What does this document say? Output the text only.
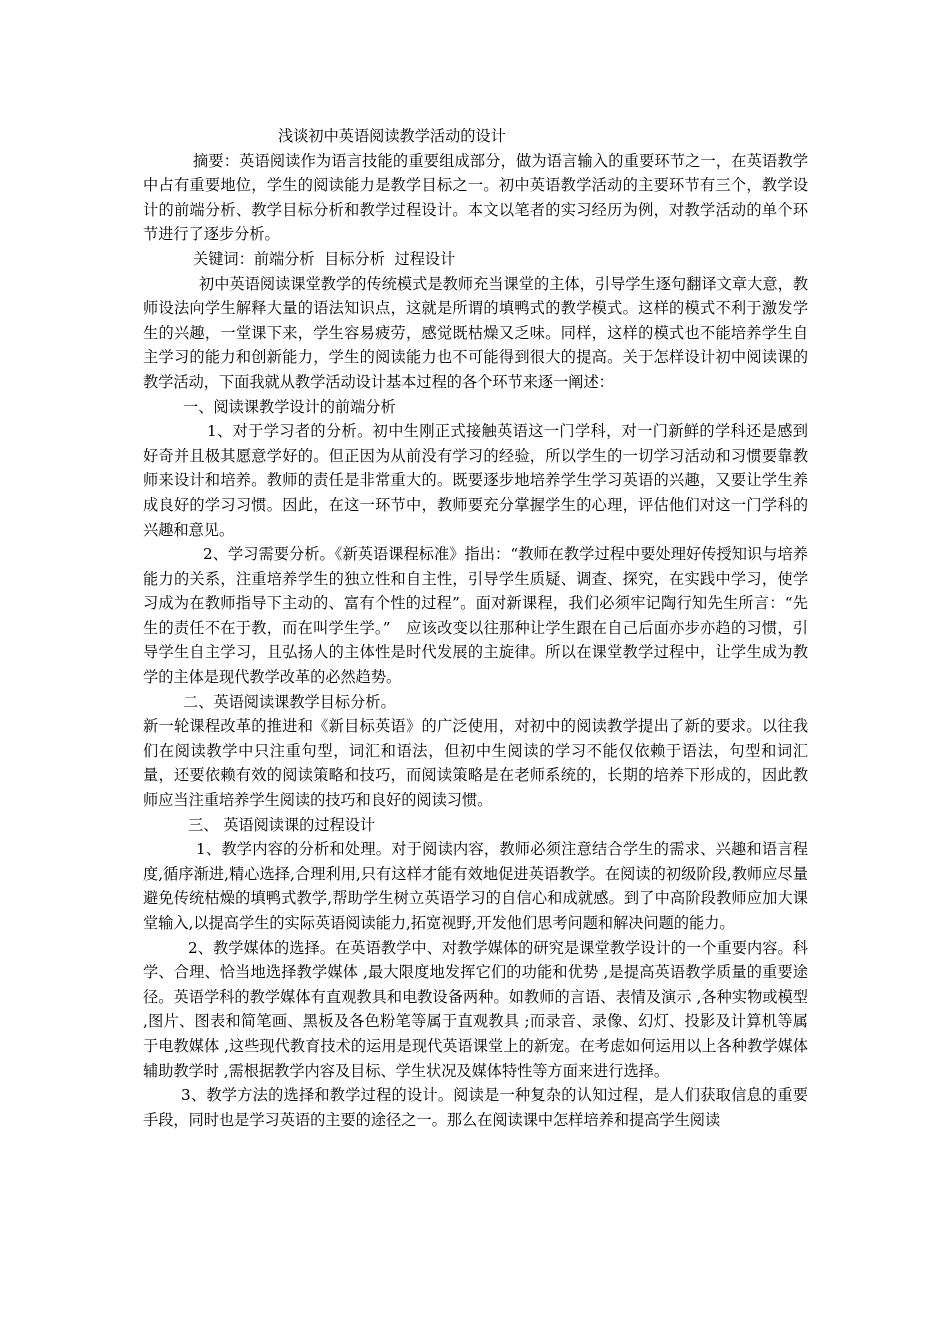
浅谈初中英语阅读教学活动的设计

摘要：英语阅读作为语言技能的重要组成部分，做为语言输入的重要环节之一，在英语教学中占有重要地位，学生的阅读能力是教学目标之一。初中英语教学活动的主要环节有三个，教学设计的前端分析、教学目标分析和教学过程设计。本文以笔者的实习经历为例，对教学活动的单个环节进行了逐步分析。

关键词：前端分析  目标分析  过程设计

初中英语阅读课堂教学的传统模式是教师充当课堂的主体，引导学生逐句翻译文章大意，教师设法向学生解释大量的语法知识点，这就是所谓的填鸭式的教学模式。这样的模式不利于激发学生的兴趣，一堂课下来，学生容易疲劳，感觉既枯燥又乏味。同样，这样的模式也不能培养学生自主学习的能力和创新能力，学生的阅读能力也不可能得到很大的提高。关于怎样设计初中阅读课的教学活动，下面我就从教学活动设计基本过程的各个环节来逐一阐述：

一、阅读课教学设计的前端分析

1、对于学习者的分析。初中生刚正式接触英语这一门学科，对一门新鲜的学科还是感到好奇并且极其愿意学好的。但正因为从前没有学习的经验，所以学生的一切学习活动和习惯要靠教师来设计和培养。教师的责任是非常重大的。既要逐步地培养学生学习英语的兴趣，又要让学生养成良好的学习习惯。因此，在这一环节中，教师要充分掌握学生的心理，评估他们对这一门学科的兴趣和意见。

2、学习需要分析。《新英语课程标准》指出：“教师在教学过程中要处理好传授知识与培养能力的关系，注重培养学生的独立性和自主性，引导学生质疑、调查、探究，在实践中学习，使学习成为在教师指导下主动的、富有个性的过程”。面对新课程，我们必须牢记陶行知先生所言：“先生的责任不在于教，而在叫学生学。”　应该改变以往那种让学生跟在自己后面亦步亦趋的习惯，引导学生自主学习，且弘扬人的主体性是时代发展的主旋律。所以在课堂教学过程中，让学生成为教学的主体是现代教学改革的必然趋势。

二、英语阅读课教学目标分析。

新一轮课程改革的推进和《新目标英语》的广泛使用，对初中的阅读教学提出了新的要求。以往我们在阅读教学中只注重句型，词汇和语法，但初中生阅读的学习不能仅依赖于语法，句型和词汇量，还要依赖有效的阅读策略和技巧，而阅读策略是在老师系统的，长期的培养下形成的，因此教师应当注重培养学生阅读的技巧和良好的阅读习惯。

三、 英语阅读课的过程设计

1、教学内容的分析和处理。对于阅读内容，教师必须注意结合学生的需求、兴趣和语言程度,循序渐进,精心选择,合理利用,只有这样才能有效地促进英语教学。在阅读的初级阶段,教师应尽量避免传统枯燥的填鸭式教学,帮助学生树立英语学习的自信心和成就感。到了中高阶段教师应加大课堂输入,以提高学生的实际英语阅读能力,拓宽视野,开发他们思考问题和解决问题的能力。

2、教学媒体的选择。在英语教学中、对教学媒体的研究是课堂教学设计的一个重要内容。科学、合理、恰当地选择教学媒体 ,最大限度地发挥它们的功能和优势 ,是提高英语教学质量的重要途径。英语学科的教学媒体有直观教具和电教设备两种。如教师的言语、表情及演示 ,各种实物或模型 ,图片、图表和简笔画、黑板及各色粉笔等属于直观教具 ;而录音、录像、幻灯、投影及计算机等属于电教媒体 ,这些现代教育技术的运用是现代英语课堂上的新宠。在考虑如何运用以上各种教学媒体辅助教学时 ,需根据教学内容及目标、学生状况及媒体特性等方面来进行选择。

3、教学方法的选择和教学过程的设计。阅读是一种复杂的认知过程，是人们获取信息的重要手段，同时也是学习英语的主要的途径之一。那么在阅读课中怎样培养和提高学生阅读
